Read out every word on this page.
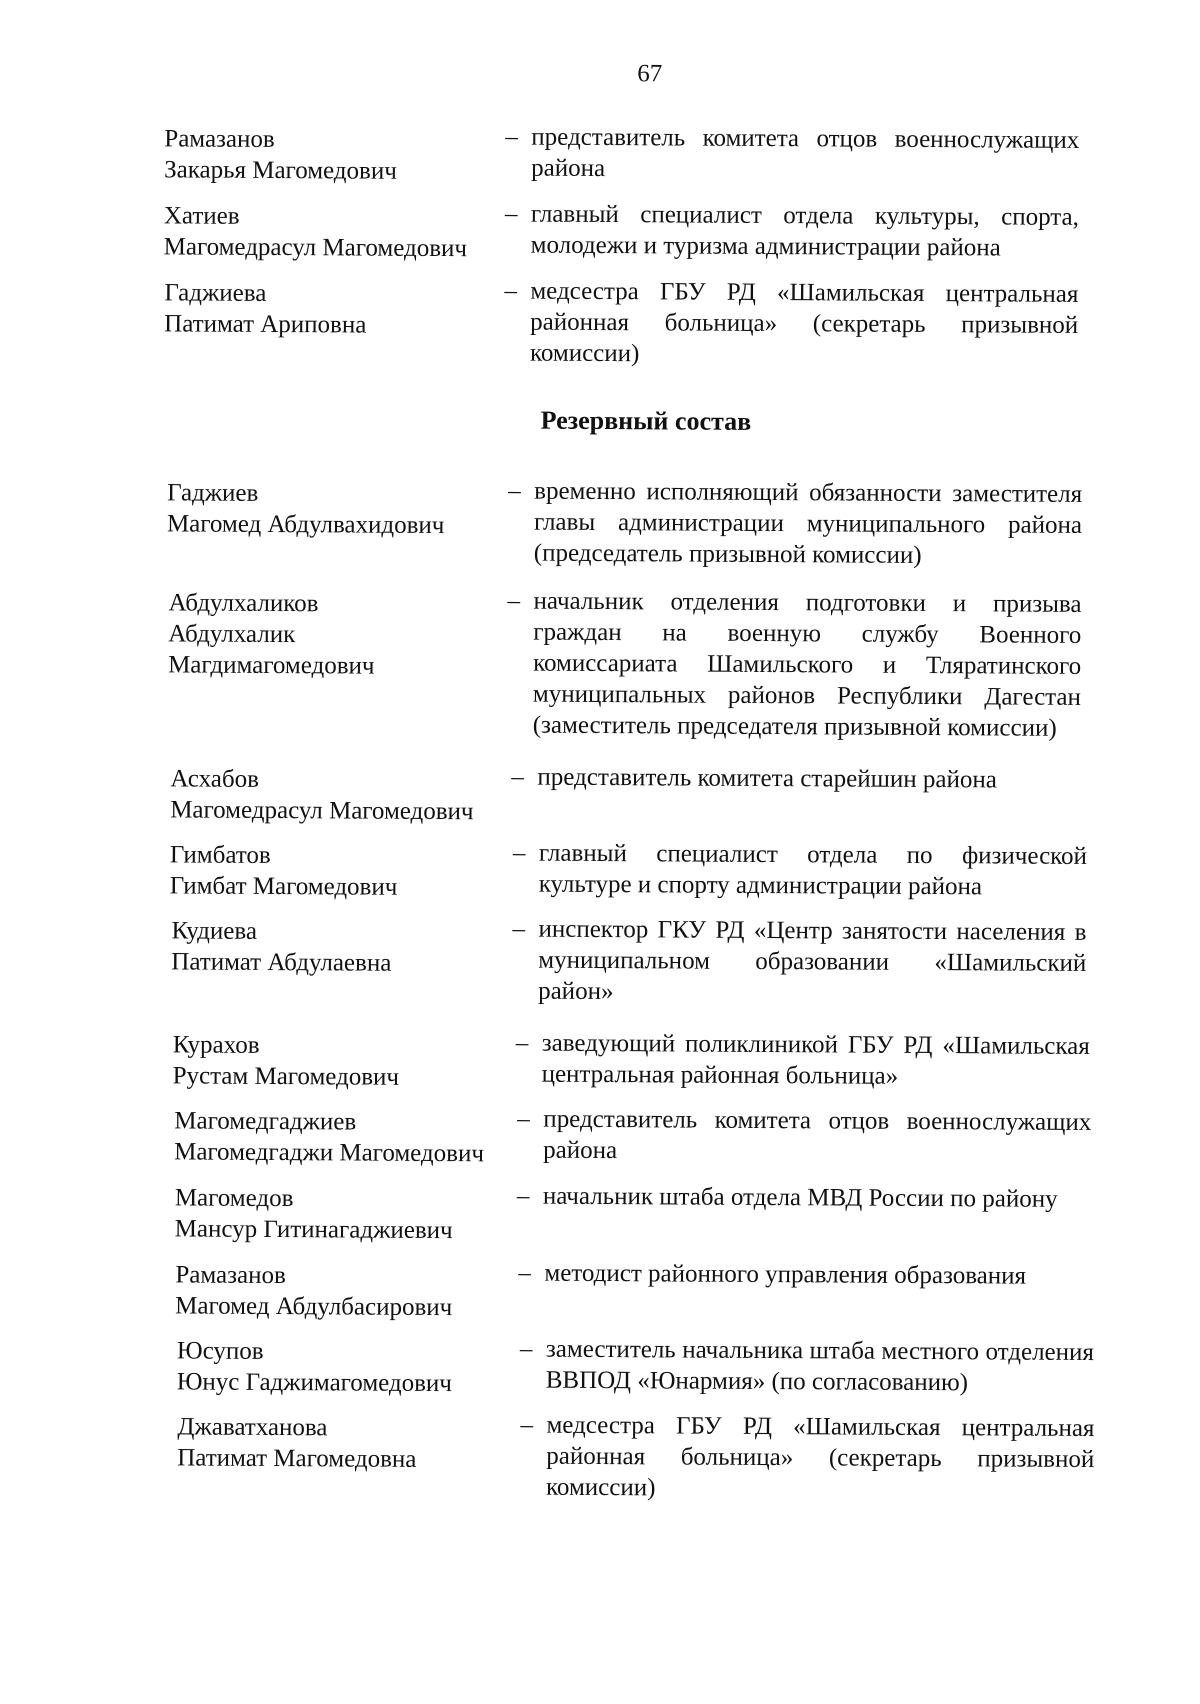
67
Резервный состав
Рамазанов
Закарья Магомедович
– представитель комитета отцов военнослужащих района
Хатиев
Магомедрасул Магомедович
– главный специалист отдела культуры, спорта, молодежи и туризма администрации района
Гаджиева
Патимат Ариповна
– медсестра ГБУ РД «Шамильская центральная районная больница» (секретарь призывной комиссии)
Гаджиев
Магомед Абдулвахидович
– временно исполняющий обязанности заместителя главы администрации муниципального района (председатель призывной комиссии)
Абдулхаликов
Абдулхалик
Магдимагомедович
– начальник отделения подготовки и призыва граждан на военную службу Военного комиссариата Шамильского и Тляратинского муниципальных районов Республики Дагестан (заместитель председателя призывной комиссии)
Асхабов
Магомедрасул Магомедович
– представитель комитета старейшин района
Гимбатов
Гимбат Магомедович
– главный специалист отдела по физической культуре и спорту администрации района
Кудиева
Патимат Абдулаевна
– инспектор ГКУ РД «Центр занятости населения в муниципальном образовании «Шамильский район»
Курахов
Рустам Магомедович
– заведующий поликлиникой ГБУ РД «Шамильская центральная районная больница»
Магомедгаджиев
Магомедгаджи Магомедович
– представитель комитета отцов военнослужащих района
Магомедов
Мансур Гитинагаджиевич
– начальник штаба отдела МВД России по району
Рамазанов
Магомед Абдулбасирович
– методист районного управления образования
Юсупов
Юнус Гаджимагомедович
– заместитель начальника штаба местного отделения ВВПОД «Юнармия» (по согласованию)
Джаватханова
Патимат Магомедовна
– медсестра ГБУ РД «Шамильская центральная районная больница» (секретарь призывной комиссии)
